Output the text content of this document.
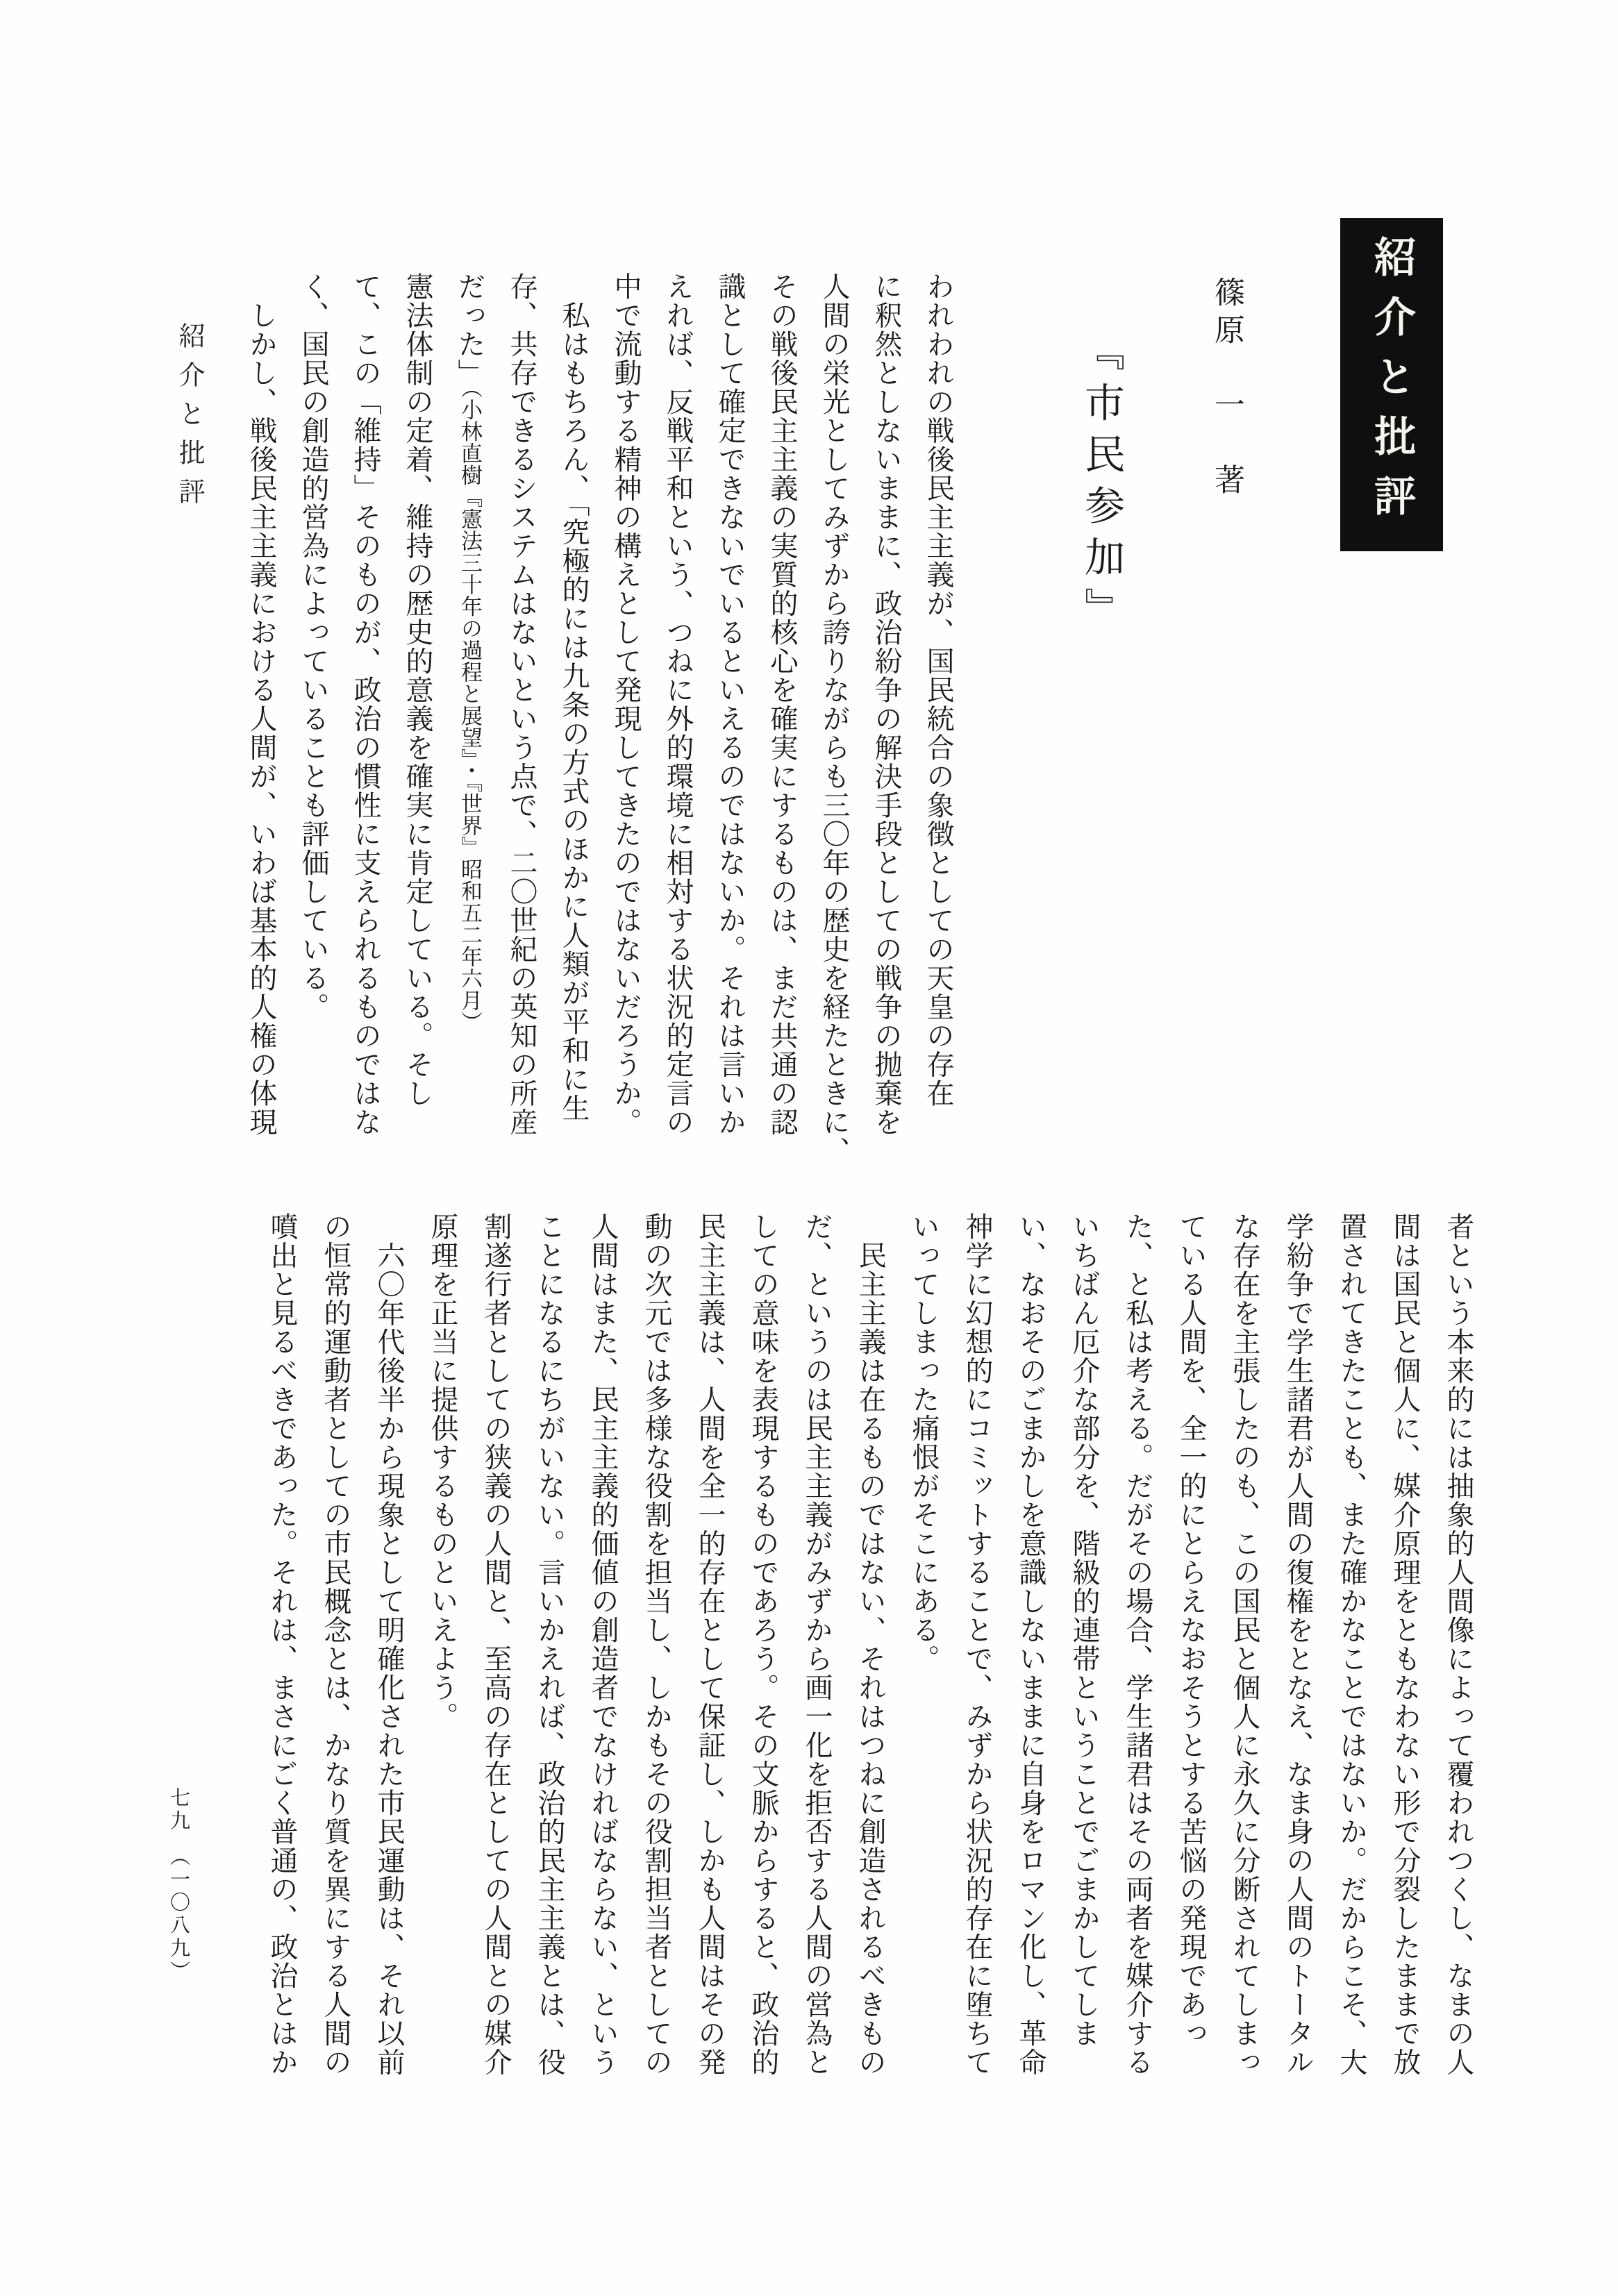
紹介と批評
篠原　一　著
『市民参加』
われわれの戦後民主主義が、国民統合の象徴としての天皇の存在
に釈然としないままに、政治紛争の解決手段としての戦争の抛棄を
人間の栄光としてみずから誇りながらも三〇年の歴史を経たときに、
その戦後民主主義の実質的核心を確実にするものは、まだ共通の認
識として確定できないでいるといえるのではないか。それは言いか
えれば、反戦平和という、つねに外的環境に相対する状況的定言の
中で流動する精神の構えとして発現してきたのではないだろうか。
　私はもちろん、「究極的には九条の方式のほかに人類が平和に生
存、共存できるシステムはないという点で、二〇世紀の英知の所産
だった」（小林直樹『憲法三十年の過程と展望』・『世界』昭和五二年六月）
憲法体制の定着、維持の歴史的意義を確実に肯定している。そし
て、この「維持」そのものが、政治の慣性に支えられるものではな
く、国民の創造的営為によっていることも評価している。
　しかし、戦後民主主義における人間が、いわば基本的人権の体現
紹介と批評
者という本来的には抽象的人間像によって覆われつくし、なまの人
間は国民と個人に、媒介原理をともなわない形で分裂したままで放
置されてきたことも、また確かなことではないか。だからこそ、大
学紛争で学生諸君が人間の復権をとなえ、なま身の人間のトータル
な存在を主張したのも、この国民と個人に永久に分断されてしまっ
ている人間を、全一的にとらえなおそうとする苦悩の発現であっ
た、と私は考える。だがその場合、学生諸君はその両者を媒介する
いちばん厄介な部分を、階級的連帯ということでごまかしてしま
い、なおそのごまかしを意識しないままに自身をロマン化し、革命
神学に幻想的にコミットすることで、みずから状況的存在に堕ちて
いってしまった痛恨がそこにある。
　民主主義は在るものではない、それはつねに創造されるべきもの
だ、というのは民主主義がみずから画一化を拒否する人間の営為と
しての意味を表現するものであろう。その文脈からすると、政治的
民主主義は、人間を全一的存在として保証し、しかも人間はその発
動の次元では多様な役割を担当し、しかもその役割担当者としての
人間はまた、民主主義的価値の創造者でなければならない、という
ことになるにちがいない。言いかえれば、政治的民主主義とは、役
割遂行者としての狭義の人間と、至高の存在としての人間との媒介
原理を正当に提供するものといえよう。
　六〇年代後半から現象として明確化された市民運動は、それ以前
の恒常的運動者としての市民概念とは、かなり質を異にする人間の
噴出と見るべきであった。それは、まさにごく普通の、政治とはか
七九　（一〇八九）
